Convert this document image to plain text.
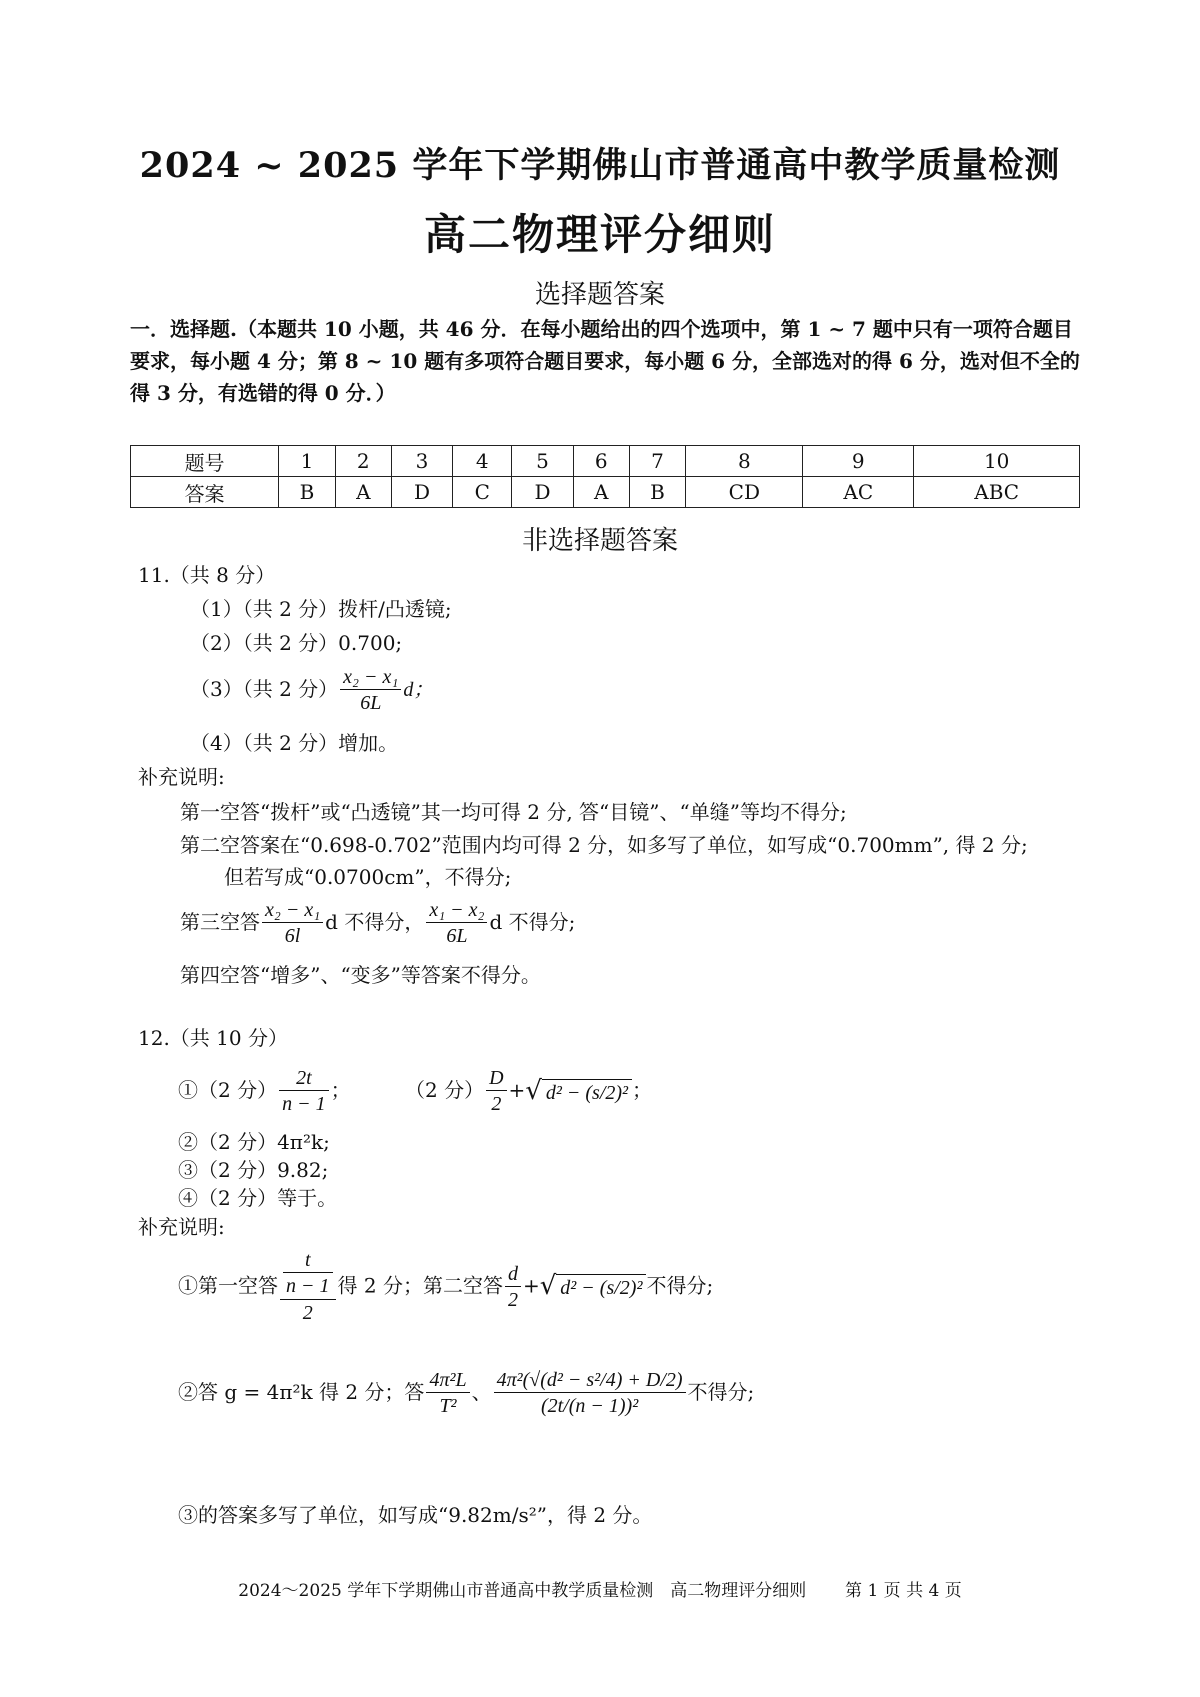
2024 ~ 2025 学年下学期佛山市普通高中教学质量检测
高二物理评分细则
选择题答案
一．选择题.（本题共 10 小题，共 46 分．在每小题给出的四个选项中，第 1 ~ 7 题中只有一项符合题目要求，每小题 4 分；第 8 ~ 10 题有多项符合题目要求，每小题 6 分，全部选对的得 6 分，选对但不全的得 3 分，有选错的得 0 分．）
题号	1	2	3	4	5	6	7	8	9	10
答案	B	A	D	C	D	A	B	CD	AC	ABC
非选择题答案
11.（共 8 分）
（1）（共 2 分）拨杆/凸透镜;
（2）（共 2 分）0.700;
（3）（共 2 分） $\frac{\text{x₂ − x₁}}{6L}$ d；
（4）（共 2 分）增加。
补充说明:
第一空答“拨杆”或“凸透镜”其一均可得 2 分, 答“目镜”、“单缝”等均不得分;
第二空答案在“0.698-0.702”范围内均可得 2 分，如多写了单位，如写成“0.700mm”, 得 2 分;
但若写成“0.0700cm”，不得分;
第三空答 $\frac{\text{x₂ − x₁}}{6l}$ d 不得分， $\frac{\text{x₁ − x₂}}{6L}$ d 不得分;
第四空答“增多”、“变多”等答案不得分。
12.（共 10 分）
①（2 分） $\frac{2t}{n - 1}$ ；	（2 分） $\frac{D}{2}$ +√ d² − (s/2)² ；
②（2 分）4π²k;
③（2 分）9.82;
④（2 分）等于。
补充说明:
①第一空答 $\frac{\frac{t}{n - 1}}{2}$ 得 2 分；第二空答 $\frac{d}{2}$ +√ d² − (s/2)² 不得分;
②答 g = 4π²k 得 2 分；答 $\frac{\text{4π²L}}{\text{T²}}$ 、 $\frac{\text{4π²(√(d² − s²/4) + D/2)}}{\text{(2t/(n − 1))²}}$ 不得分;
③的答案多写了单位，如写成“9.82m/s²”，得 2 分。
2024～2025 学年下学期佛山市普通高中教学质量检测　高二物理评分细则 第 1 页 共 4 页
